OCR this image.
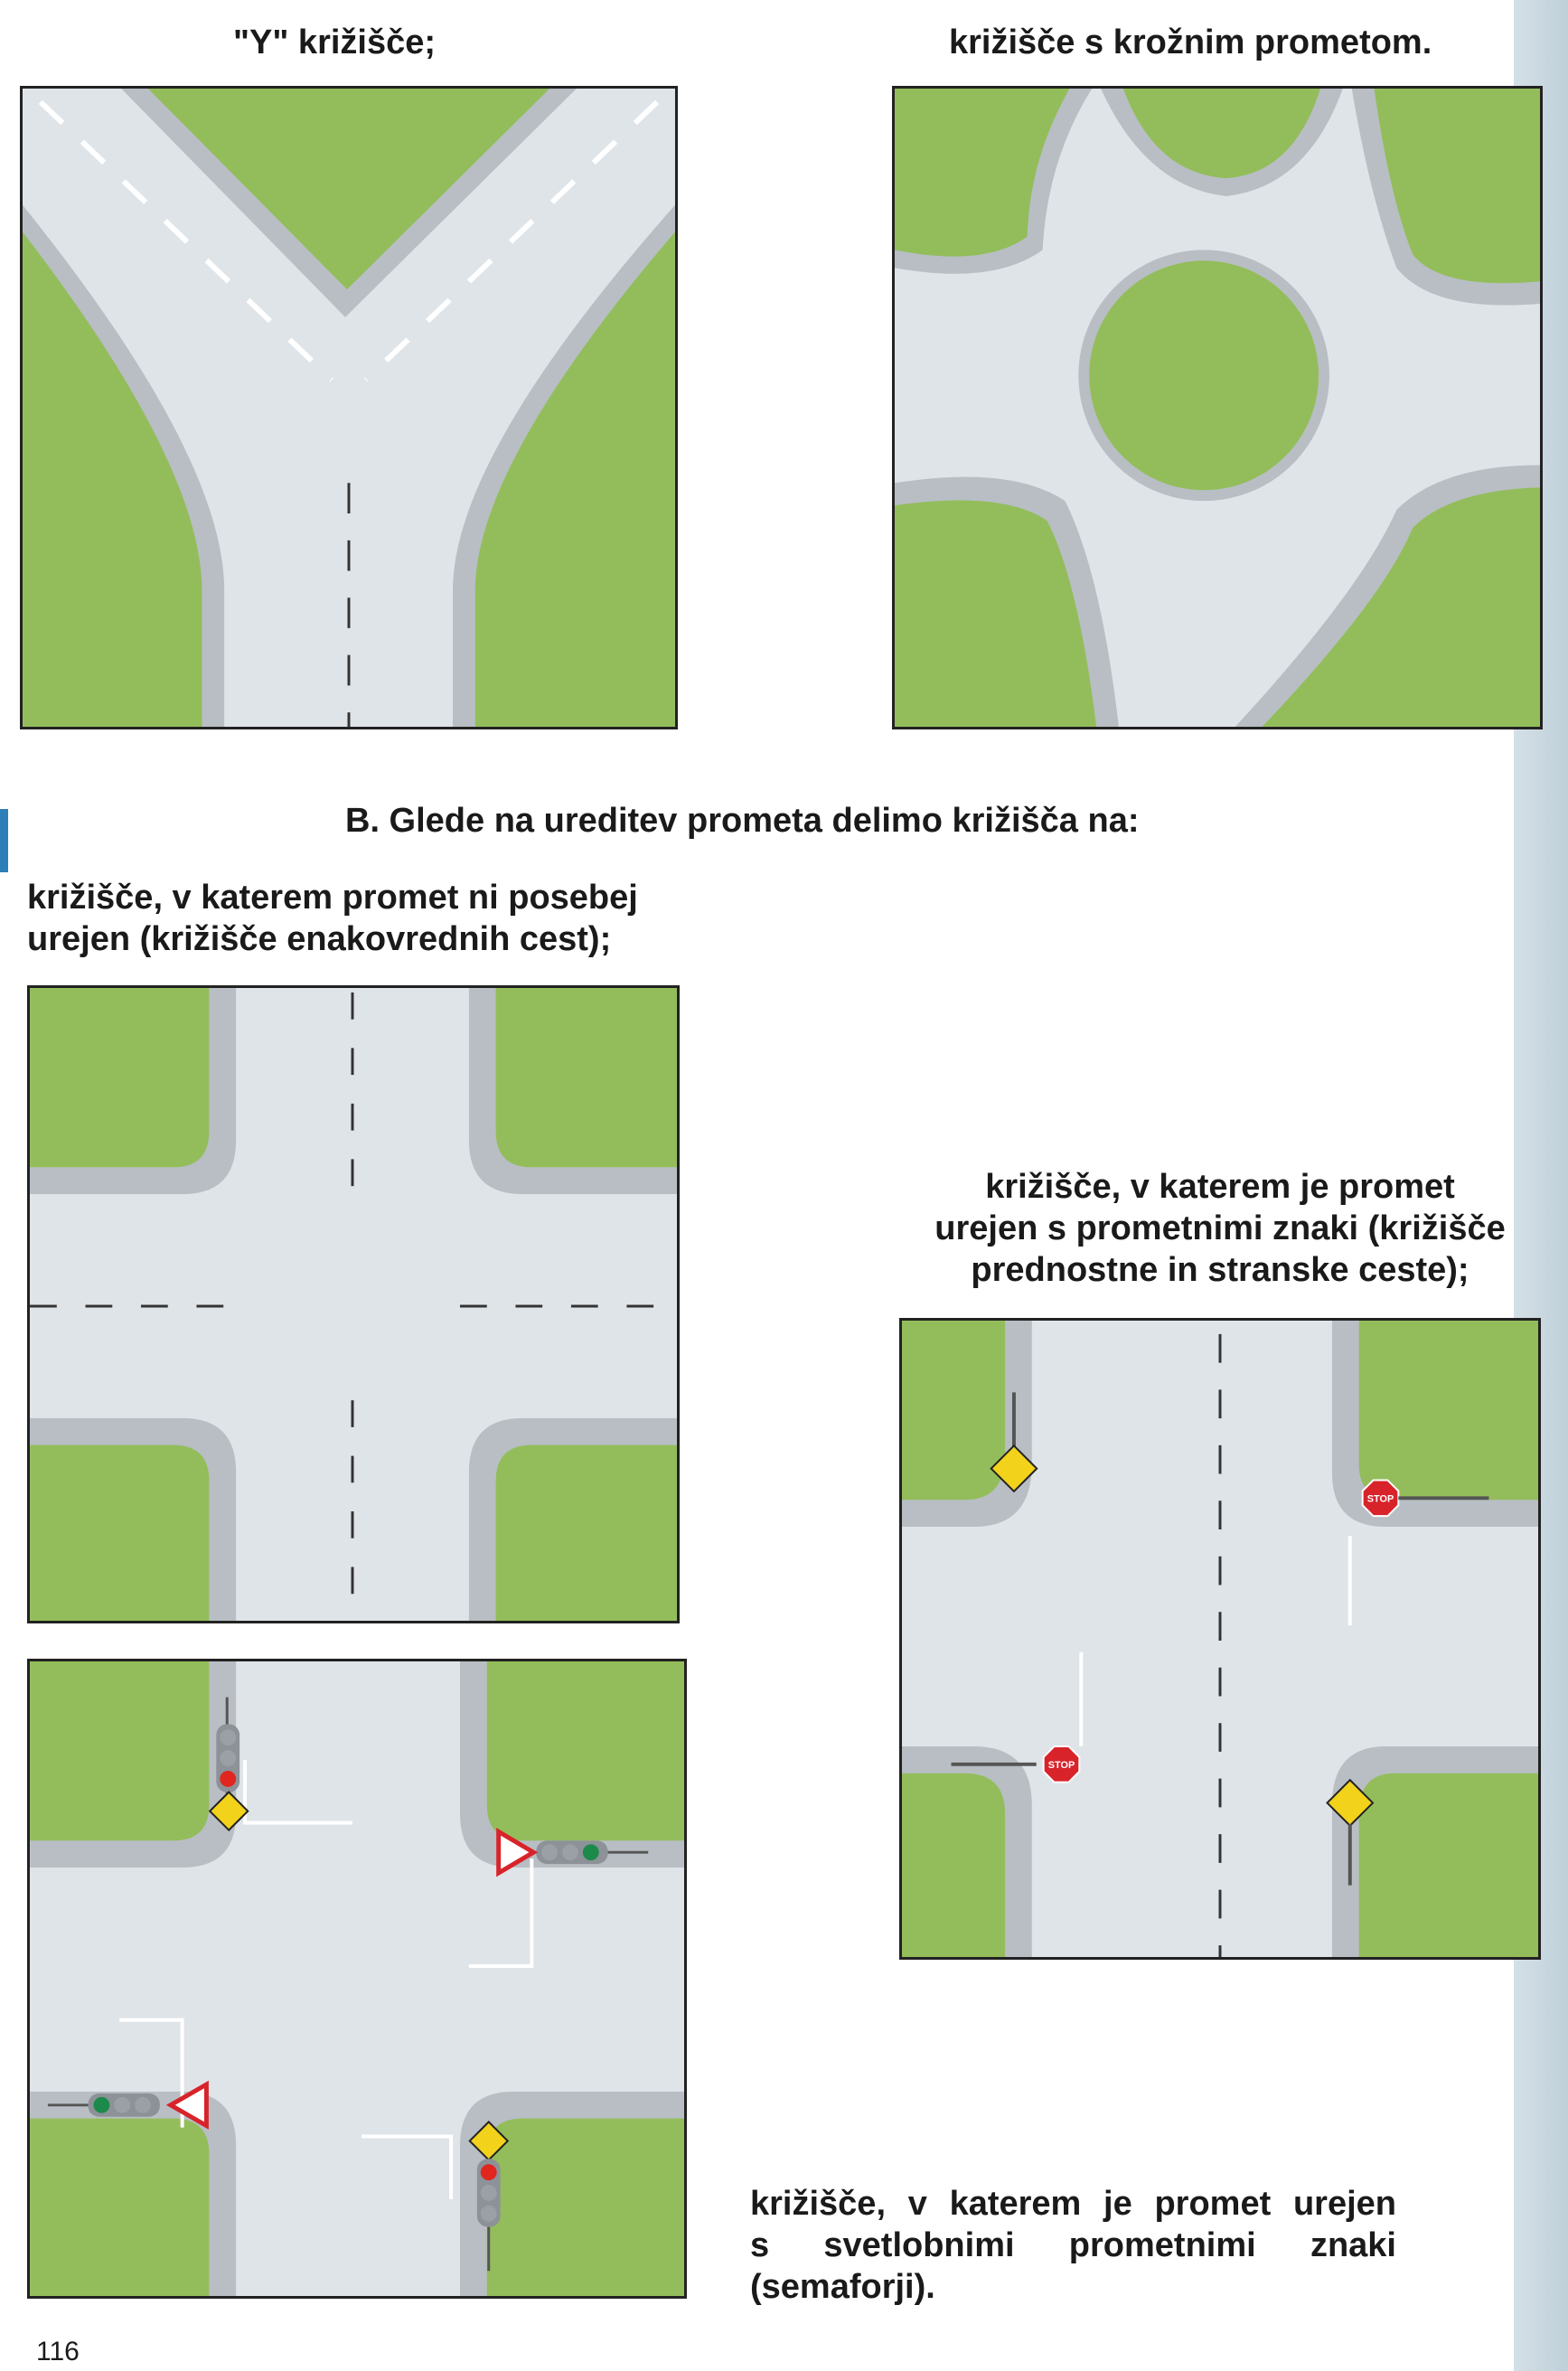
"Y" križišče;	križišče s krožnim prometom.

B. Glede na ureditev prometa delimo križišča na:

križišče, v katerem promet ni posebej
urejen (križišče enakovrednih cest);
križišče, v katerem je promet
urejen s prometnimi znaki (križišče
prednostne in stranske ceste);
križišče, v katerem je promet urejen
s svetlobnimi prometnimi znaki
(semaforji).
116
STOP
STOP
